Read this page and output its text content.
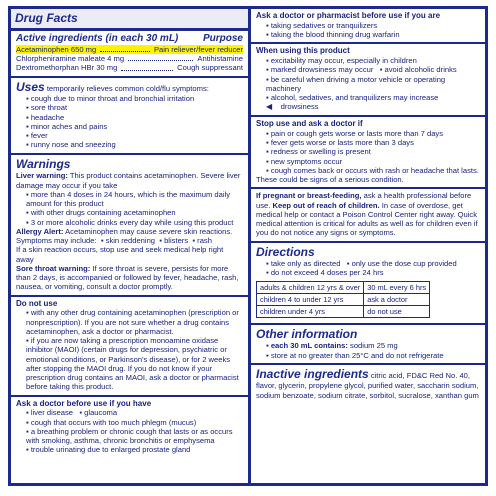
Drug Facts
Active ingredients (in each 30 mL) Purpose
Acetaminophen 650 mg	Pain reliever/fever reducer
Chlorpheniramine maleate 4 mg	Antihistamine
Dextromethorphan HBr 30 mg	Cough suppressant
Uses temporarily relieves common cold/flu symptoms:
▪ cough due to minor throat and bronchial irritation
▪ sore throat
▪ headache
▪ minor aches and pains
▪ fever
▪ runny nose and sneezing
Warnings
Liver warning: This product contains acetaminophen. Severe liver damage may occur if you take
▪ more than 4 doses in 24 hours, which is the maximum daily amount for this product
▪ with other drugs containing acetaminophen
▪ 3 or more alcoholic drinks every day while using this product
Allergy Alert: Acetaminophen may cause severe skin reactions.
Symptoms may include:  ▪ skin reddening  ▪ blisters  ▪ rash
If a skin reaction occurs, stop use and seek medical help right away
Sore throat warning: If sore throat is severe, persists for more than 2 days, is accompanied or followed by fever, headache, rash, nausea, or vomiting, consult a doctor promptly.
Do not use
▪ with any other drug containing acetaminophen (prescription or nonprescription). If you are not sure whether a drug contains acetaminophen, ask a doctor or pharmacist.
▪ if you are now taking a prescription monoamine oxidase inhibitor (MAOI) (certain drugs for depression, psychiatric or emotional conditions, or Parkinson's disease), or for 2 weeks after stopping the MAOI drug. If you do not know if your prescription drug contains an MAOI, ask a doctor or pharmacist before taking this product.
Ask a doctor before use if you have
▪ liver disease   ▪ glaucoma
▪ cough that occurs with too much phlegm (mucus)
▪ a breathing problem or chronic cough that lasts or as occurs with smoking, asthma, chronic bronchitis or emphysema
▪ trouble urinating due to enlarged prostate gland
Ask a doctor or pharmacist before use if you are
▪ taking sedatives or tranquilizers
▪ taking the blood thinning drug warfarin
When using this product
▪ excitability may occur, especially in children
▪ marked drowsiness may occur   ▪ avoid alcoholic drinks
▪ be careful when driving a motor vehicle or operating machinery
▪ alcohol, sedatives, and tranquilizers may increase
◀ drowsiness
Stop use and ask a doctor if
▪ pain or cough gets worse or lasts more than 7 days
▪ fever gets worse or lasts more than 3 days
▪ redness or swelling is present
▪ new symptoms occur
▪ cough comes back or occurs with rash or headache that lasts.
These could be signs of a serious condition.
If pregnant or breast-feeding, ask a health professional before use. Keep out of reach of children. In case of overdose, get medical help or contact a Poison Control Center right away. Quick medical attention is critical for adults as well as for children even if you do not notice any signs or symptoms.
Directions
▪ take only as directed   ▪ only use the dose cup provided
▪ do not exceed 4 doses per 24 hrs
adults & children 12 yrs & over	30 mL every 6 hrs
children 4 to under 12 yrs	ask a doctor
children under 4 yrs	do not use
Other information
▪ each 30 mL contains: sodium 25 mg
▪ store at no greater than 25°C and do not refrigerate
Inactive ingredients citric acid, FD&C Red No. 40, flavor, glycerin, propylene glycol, purified water, saccharin sodium, sodium benzoate, sodium citrate, sorbitol, sucralose, xanthan gum
